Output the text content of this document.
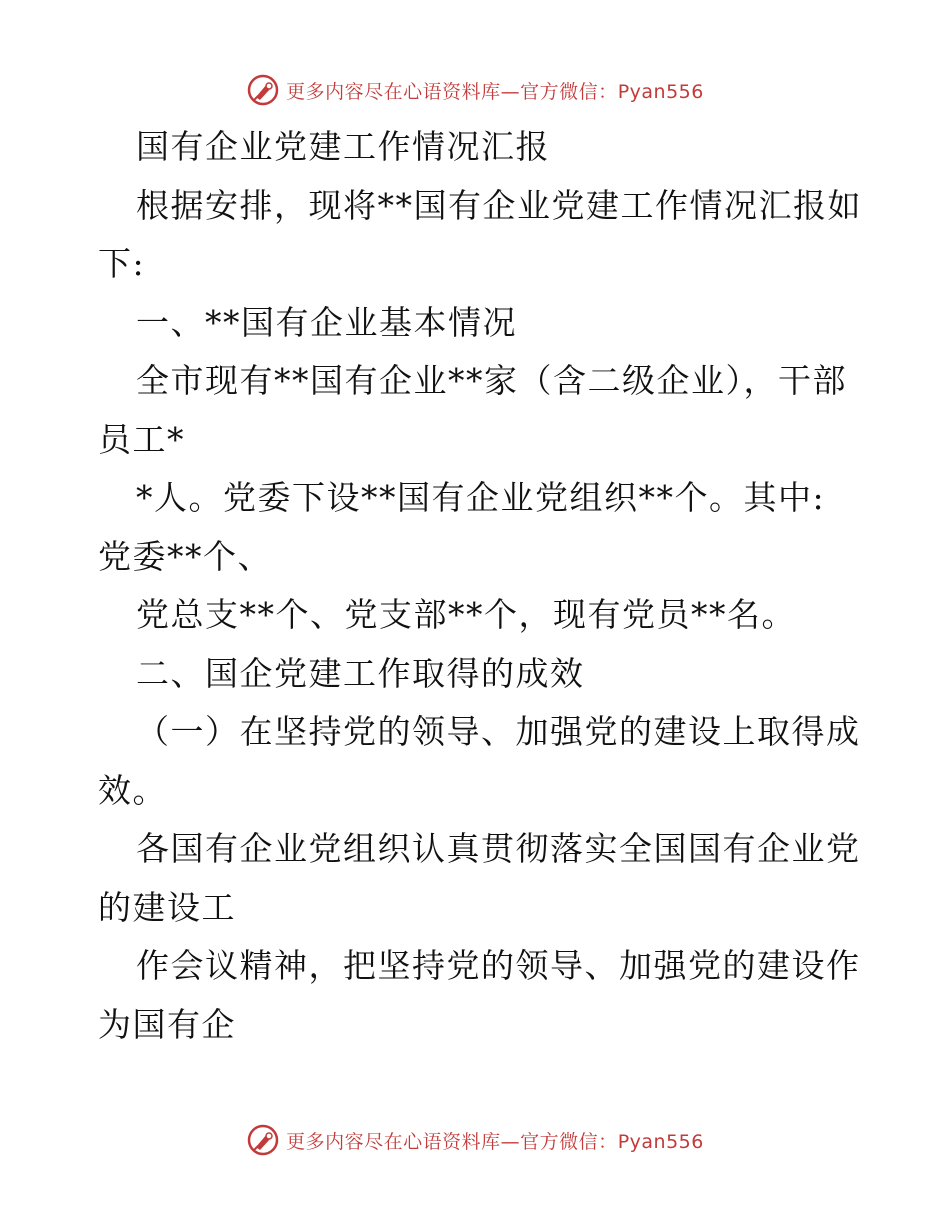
更多内容尽在心语资料库—官方微信：Pyan556
国有企业党建工作情况汇报
根据安排，现将**国有企业党建工作情况汇报如
下:
一、**国有企业基本情况
全市现有**国有企业**家（含二级企业），干部
员工*
*人。党委下设**国有企业党组织**个。其中:
党委**个、
党总支**个、党支部**个，现有党员**名。
二、国企党建工作取得的成效
（一）在坚持党的领导、加强党的建设上取得成
效。
各国有企业党组织认真贯彻落实全国国有企业党
的建设工
作会议精神，把坚持党的领导、加强党的建设作
为国有企
更多内容尽在心语资料库—官方微信：Pyan556
